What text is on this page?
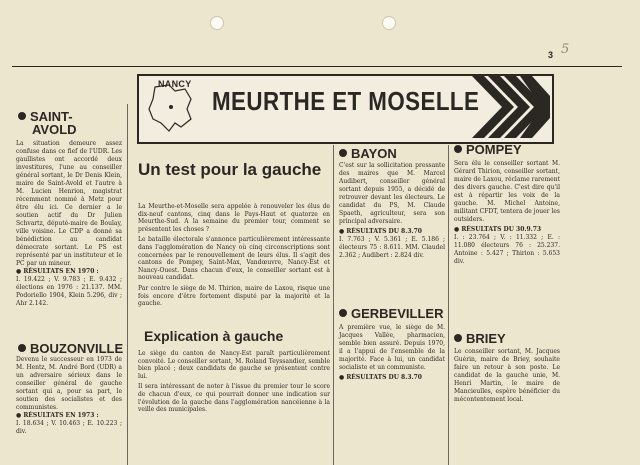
3 5
NANCY
MEURTHE ET MOSELLE
SAINT-
AVOLD

La situation demeure assez confuse dans ce fief de l'UDR. Les gaullistes ont accordé deux investitures, l'une au conseiller général sortant, le Dr Denis Klein, maire de Saint-Avold et l'autre à M. Lucien Henrion, magistrat récemment nommé à Metz pour être élu ici. Ce dernier a le soutien actif du Dr Julien Schvartz, député-maire de Boulay, ville voisine. Le CDP a donné sa bénédiction au candidat démocrate sortant. Le PS est représenté par un instituteur et le PC par un mineur.

● RÉSULTATS EN 1970 :

I. 19.422 ; V. 9.783 ; E. 9.432 ; élections en 1976 : 21.137. MM. Podoriello 1904, Klein 5.296, div ; Ahr 2.142.

BOUZONVILLE

Devenu le successeur en 1973 de M. Hentz, M. André Bord (UDR) a un adversaire sérieux dans le conseiller général de gauche sortant qui a, pour sa part, le soutien des socialistes et des communistes.

● RÉSULTATS EN 1973 :

I. 18.634 ; V. 10.463 ; E. 10.223 ; div.

Un test pour la gauche

La Meurthe-et-Moselle sera appelée à renouveler les élus de dix-neuf cantons, cinq dans le Pays-Haut et quatorze en Meurthe-Sud. A la semaine du premier tour, comment se présentent les choses ?

Le bataille électorale s'annonce particulièrement intéressante dans l'agglomération de Nancy où cinq circonscriptions sont concernées par le renouvellement de leurs élus. Il s'agit des cantons de Pompey, Saint-Max, Vandœuvre, Nancy-Est et Nancy-Ouest. Dans chacun d'eux, le conseiller sortant est à nouveau candidat.

Par contre le siège de M. Thirion, maire de Laxou, risque une fois encore d'être fortement disputé par la majorité et la gauche.

Explication à gauche

Le siège du canton de Nancy-Est paraît particulièrement convoité. Le conseiller sortant, M. Roland Teyssandier, semble bien placé ; deux candidats de gauche se présentent contre lui.

Il sera intéressant de noter à l'issue du premier tour le score de chacun d'eux, ce qui pourrait donner une indication sur l'évolution de la gauche dans l'agglomération nancéienne à la veille des municipales.

BAYON

C'est sur la sollicitation pressante des maires que M. Marcel Audibert, conseiller général sortant depuis 1955, a décidé de retrouver devant les électeurs. Le candidat du PS, M. Claude Spaeth, agriculteur, sera son principal adversaire.

● RÉSULTATS DU 8.3.70

I. 7.763 ; V. 5.361 ; E. 5.186 ; électeurs 75 : 8.611. MM. Claudel 2.362 ; Audibert : 2.824 div.

GERBEVILLER

A première vue, le siège de M. Jacques Vallée, pharmacien, semble bien assuré. Depuis 1970, il a l'appui de l'ensemble de la majorité. Face à lui, un candidat socialiste et un communiste.

● RÉSULTATS DU 8.3.70

POMPEY

Sera élu le conseiller sortant M. Gérard Thirion, conseiller sortant, maire de Laxou, réclame rarement des divers gauche. C'est dire qu'il est à répartir les voix de la gauche. M. Michel Antoine, militant CFDT, tentera de jouer les outsiders.

● RÉSULTATS DU 30.9.73

I. : 23.764 ; V. : 11.332 ; E. : 11.080 électeurs 76 : 25.237. Antoine : 5.427 ; Thirion : 5.653 div.

BRIEY

Le conseiller sortant, M. Jacques Guérin, maire de Briey, souhaite faire un retour à son poste. Le candidat de la gauche unie, M. Henri Martin, le maire de Mancieulles, espère bénéficier du mécontentement local.
